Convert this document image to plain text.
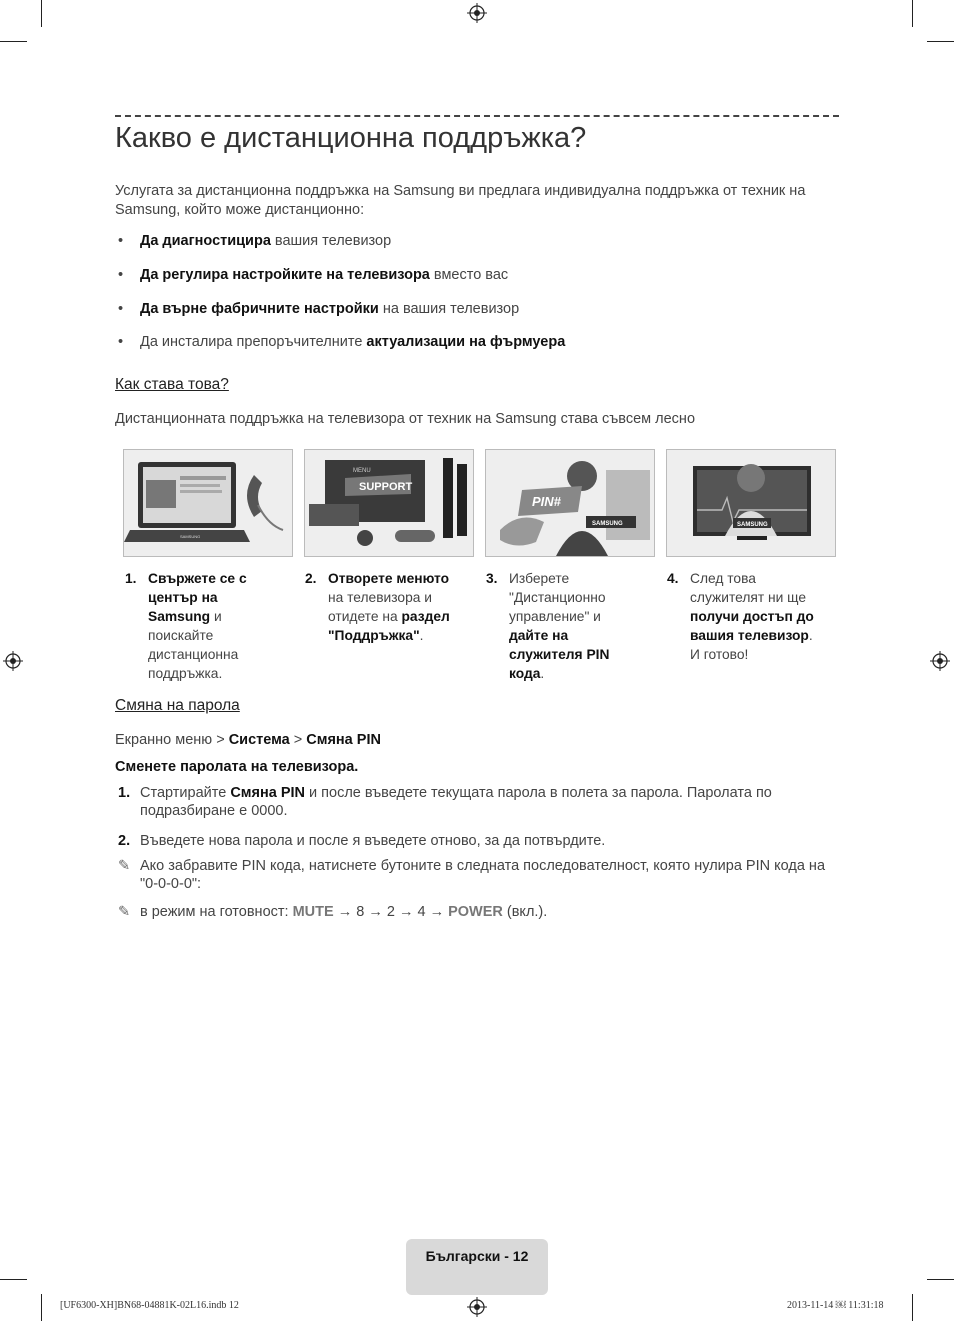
Какво е дистанционна поддръжка?
Услугата за дистанционна поддръжка на Samsung ви предлага индивидуална поддръжка от техник на Samsung, който може дистанционно:
• Да диагностицира вашия телевизор
• Да регулира настройките на телевизора вместо вас
• Да върне фабричните настройки на вашия телевизор
• Да инсталира препоръчителните актуализации на фърмуера
Как става това?
Дистанционната поддръжка на телевизора от техник на Samsung става съвсем лесно
SAMSUNG
MENU
SUPPORT
PIN#
SAMSUNG	SAMSUNG
1. Свържете се с център на Samsung и поискайте дистанционна поддръжка.
2. Отворете менюто на телевизора и отидете на раздел "Поддръжка".
3. Изберете "Дистанционно управление" и дайте на служителя PIN кода.
4. След това служителят ни ще получи достъп до вашия телевизор. И готово!
Смяна на парола
Екранно меню > Система > Смяна PIN
Сменете паролата на телевизора.
1. Стартирайте Смяна PIN и после въведете текущата парола в полета за парола. Паролата по подразбиране е 0000.
2. Въведете нова парола и после я въведете отново, за да потвърдите.
✎ Ако забравите PIN кода, натиснете бутоните в следната последователност, която нулира PIN кода на "0-0-0-0":
✎ в режим на готовност: MUTE → 8 → 2 → 4 → POWER (вкл.).
Български - 12
[UF6300-XH]BN68-04881K-02L16.indb 12	2013-11-14 ￼ 11:31:18
